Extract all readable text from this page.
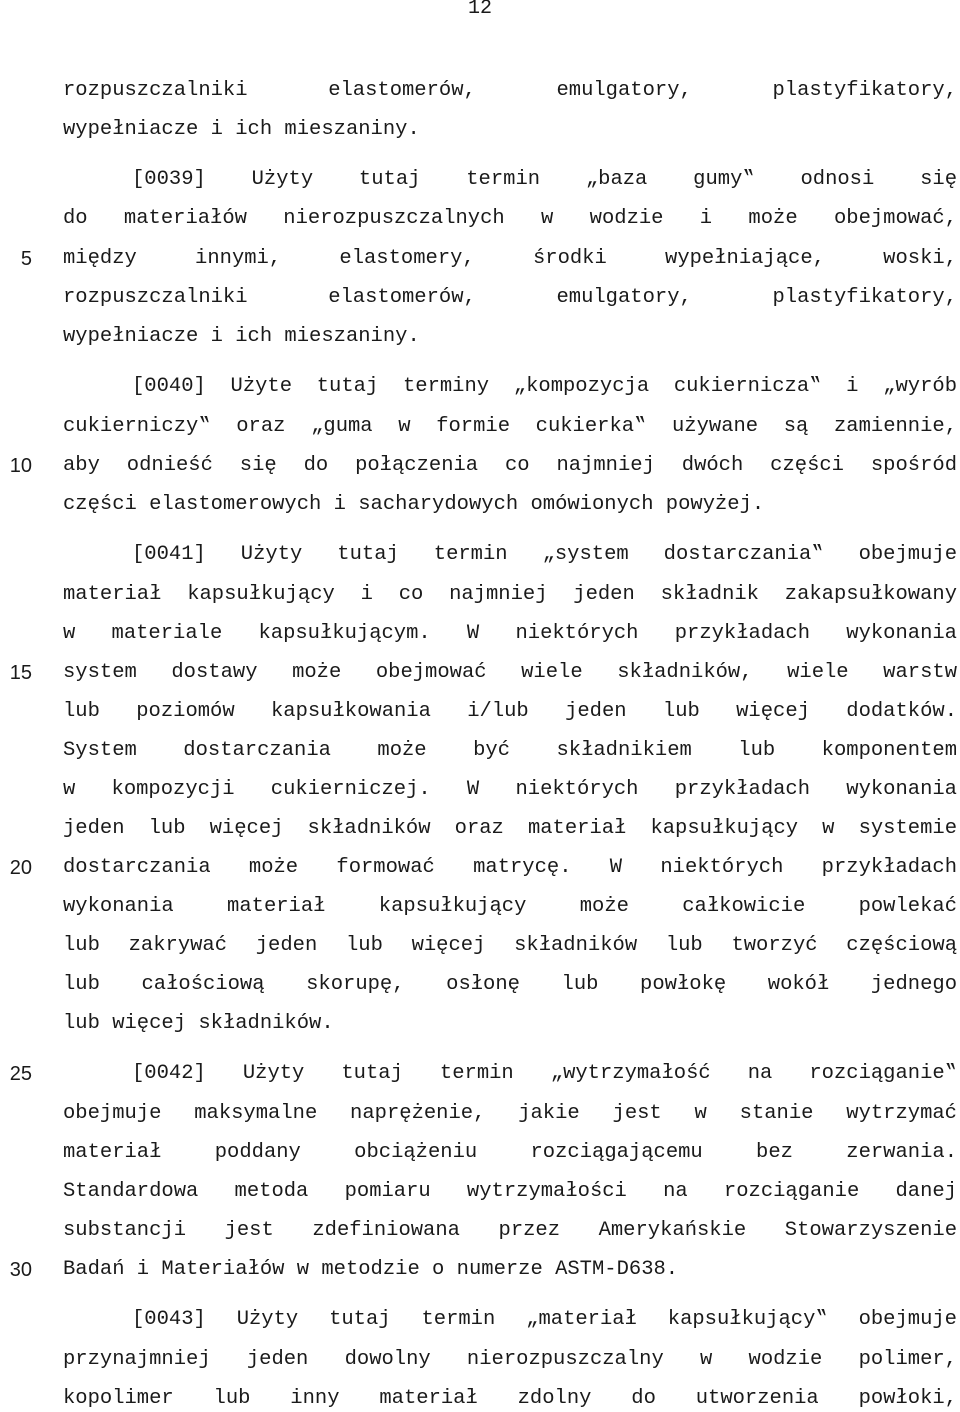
12
5
10
15
20
25
30
rozpuszczalniki elastomerów, emulgatory, plastyfikatory,
wypełniacze i ich mieszaniny.
[0039] Użyty tutaj termin „baza gumy‟ odnosi się
do materiałów nierozpuszczalnych w wodzie i może obejmować,
między innymi, elastomery, środki wypełniające, woski,
rozpuszczalniki elastomerów, emulgatory, plastyfikatory,
wypełniacze i ich mieszaniny.
[0040] Użyte tutaj terminy „kompozycja cukiernicza‟ i „wyrób
cukierniczy‟ oraz „guma w formie cukierka‟ używane są zamiennie,
aby odnieść się do połączenia co najmniej dwóch części spośród
części elastomerowych i sacharydowych omówionych powyżej.
[0041] Użyty tutaj termin „system dostarczania‟ obejmuje
materiał kapsułkujący i co najmniej jeden składnik zakapsułkowany
w materiale kapsułkującym. W niektórych przykładach wykonania
system dostawy może obejmować wiele składników, wiele warstw
lub poziomów kapsułkowania i/lub jeden lub więcej dodatków.
System dostarczania może być składnikiem lub komponentem
w kompozycji cukierniczej. W niektórych przykładach wykonania
jeden lub więcej składników oraz materiał kapsułkujący w systemie
dostarczania może formować matrycę. W niektórych przykładach
wykonania materiał kapsułkujący może całkowicie powlekać
lub zakrywać jeden lub więcej składników lub tworzyć częściową
lub całościową skorupę, osłonę lub powłokę wokół jednego
lub więcej składników.
[0042] Użyty tutaj termin „wytrzymałość na rozciąganie‟
obejmuje maksymalne naprężenie, jakie jest w stanie wytrzymać
materiał poddany obciążeniu rozciągającemu bez zerwania.
Standardowa metoda pomiaru wytrzymałości na rozciąganie danej
substancji jest zdefiniowana przez Amerykańskie Stowarzyszenie
Badań i Materiałów w metodzie o numerze ASTM-D638.
[0043] Użyty tutaj termin „materiał kapsułkujący‟ obejmuje
przynajmniej jeden dowolny nierozpuszczalny w wodzie polimer,
kopolimer lub inny materiał zdolny do utworzenia powłoki,
